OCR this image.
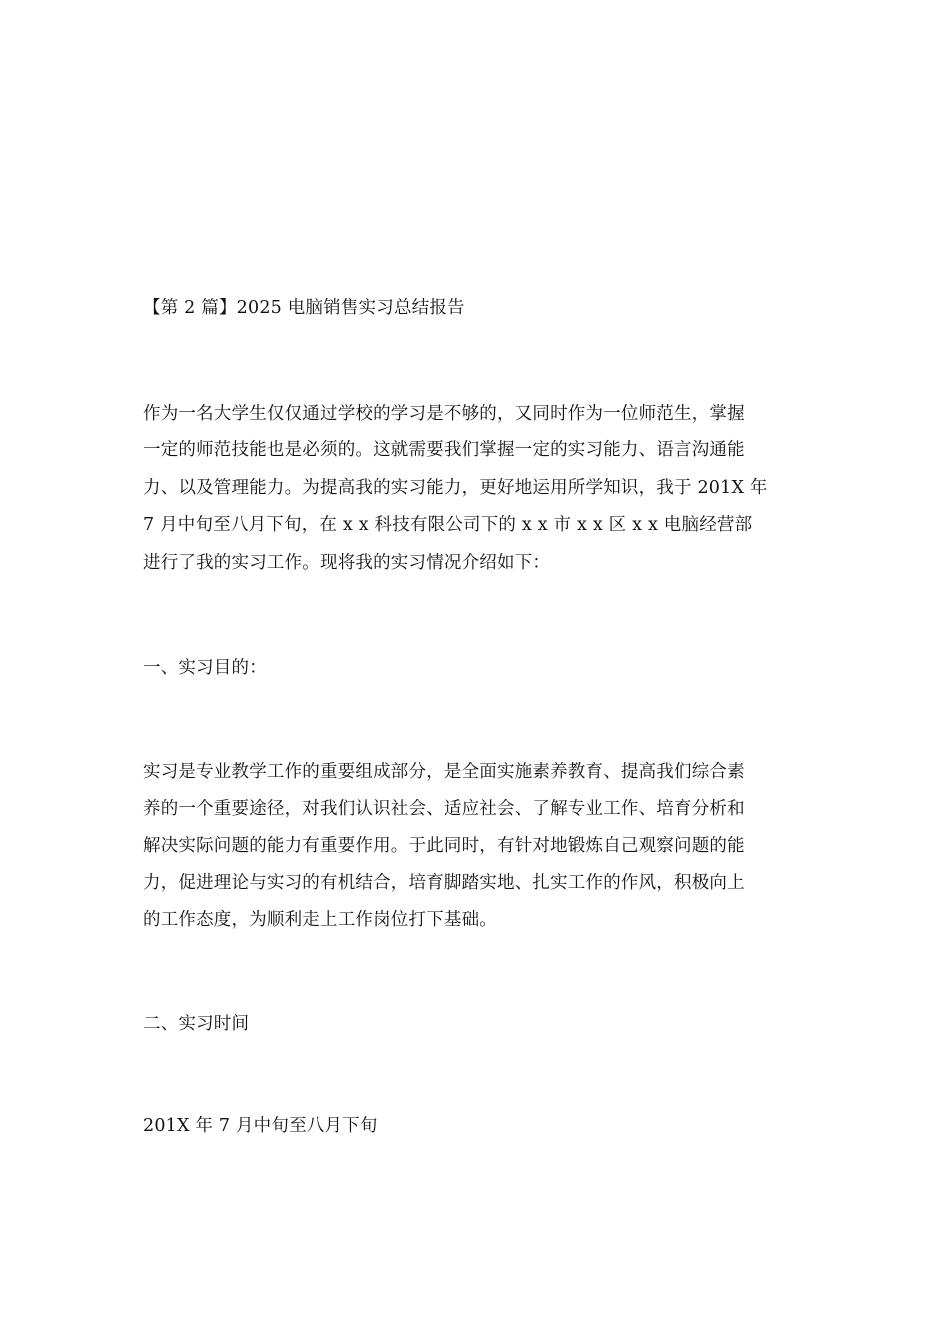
【第 2 篇】2025 电脑销售实习总结报告
作为一名大学生仅仅通过学校的学习是不够的，又同时作为一位师范生，掌握
一定的师范技能也是必须的。这就需要我们掌握一定的实习能力、语言沟通能
力、以及管理能力。为提高我的实习能力，更好地运用所学知识，我于 201X 年
7 月中旬至八月下旬，在 x x 科技有限公司下的 x x 市 x x 区 x x 电脑经营部
进行了我的实习工作。现将我的实习情况介绍如下：
一、实习目的：
实习是专业教学工作的重要组成部分，是全面实施素养教育、提高我们综合素
养的一个重要途径，对我们认识社会、适应社会、了解专业工作、培育分析和
解决实际问题的能力有重要作用。于此同时，有针对地锻炼自己观察问题的能
力，促进理论与实习的有机结合，培育脚踏实地、扎实工作的作风，积极向上
的工作态度，为顺利走上工作岗位打下基础。
二、实习时间
201X 年 7 月中旬至八月下旬
